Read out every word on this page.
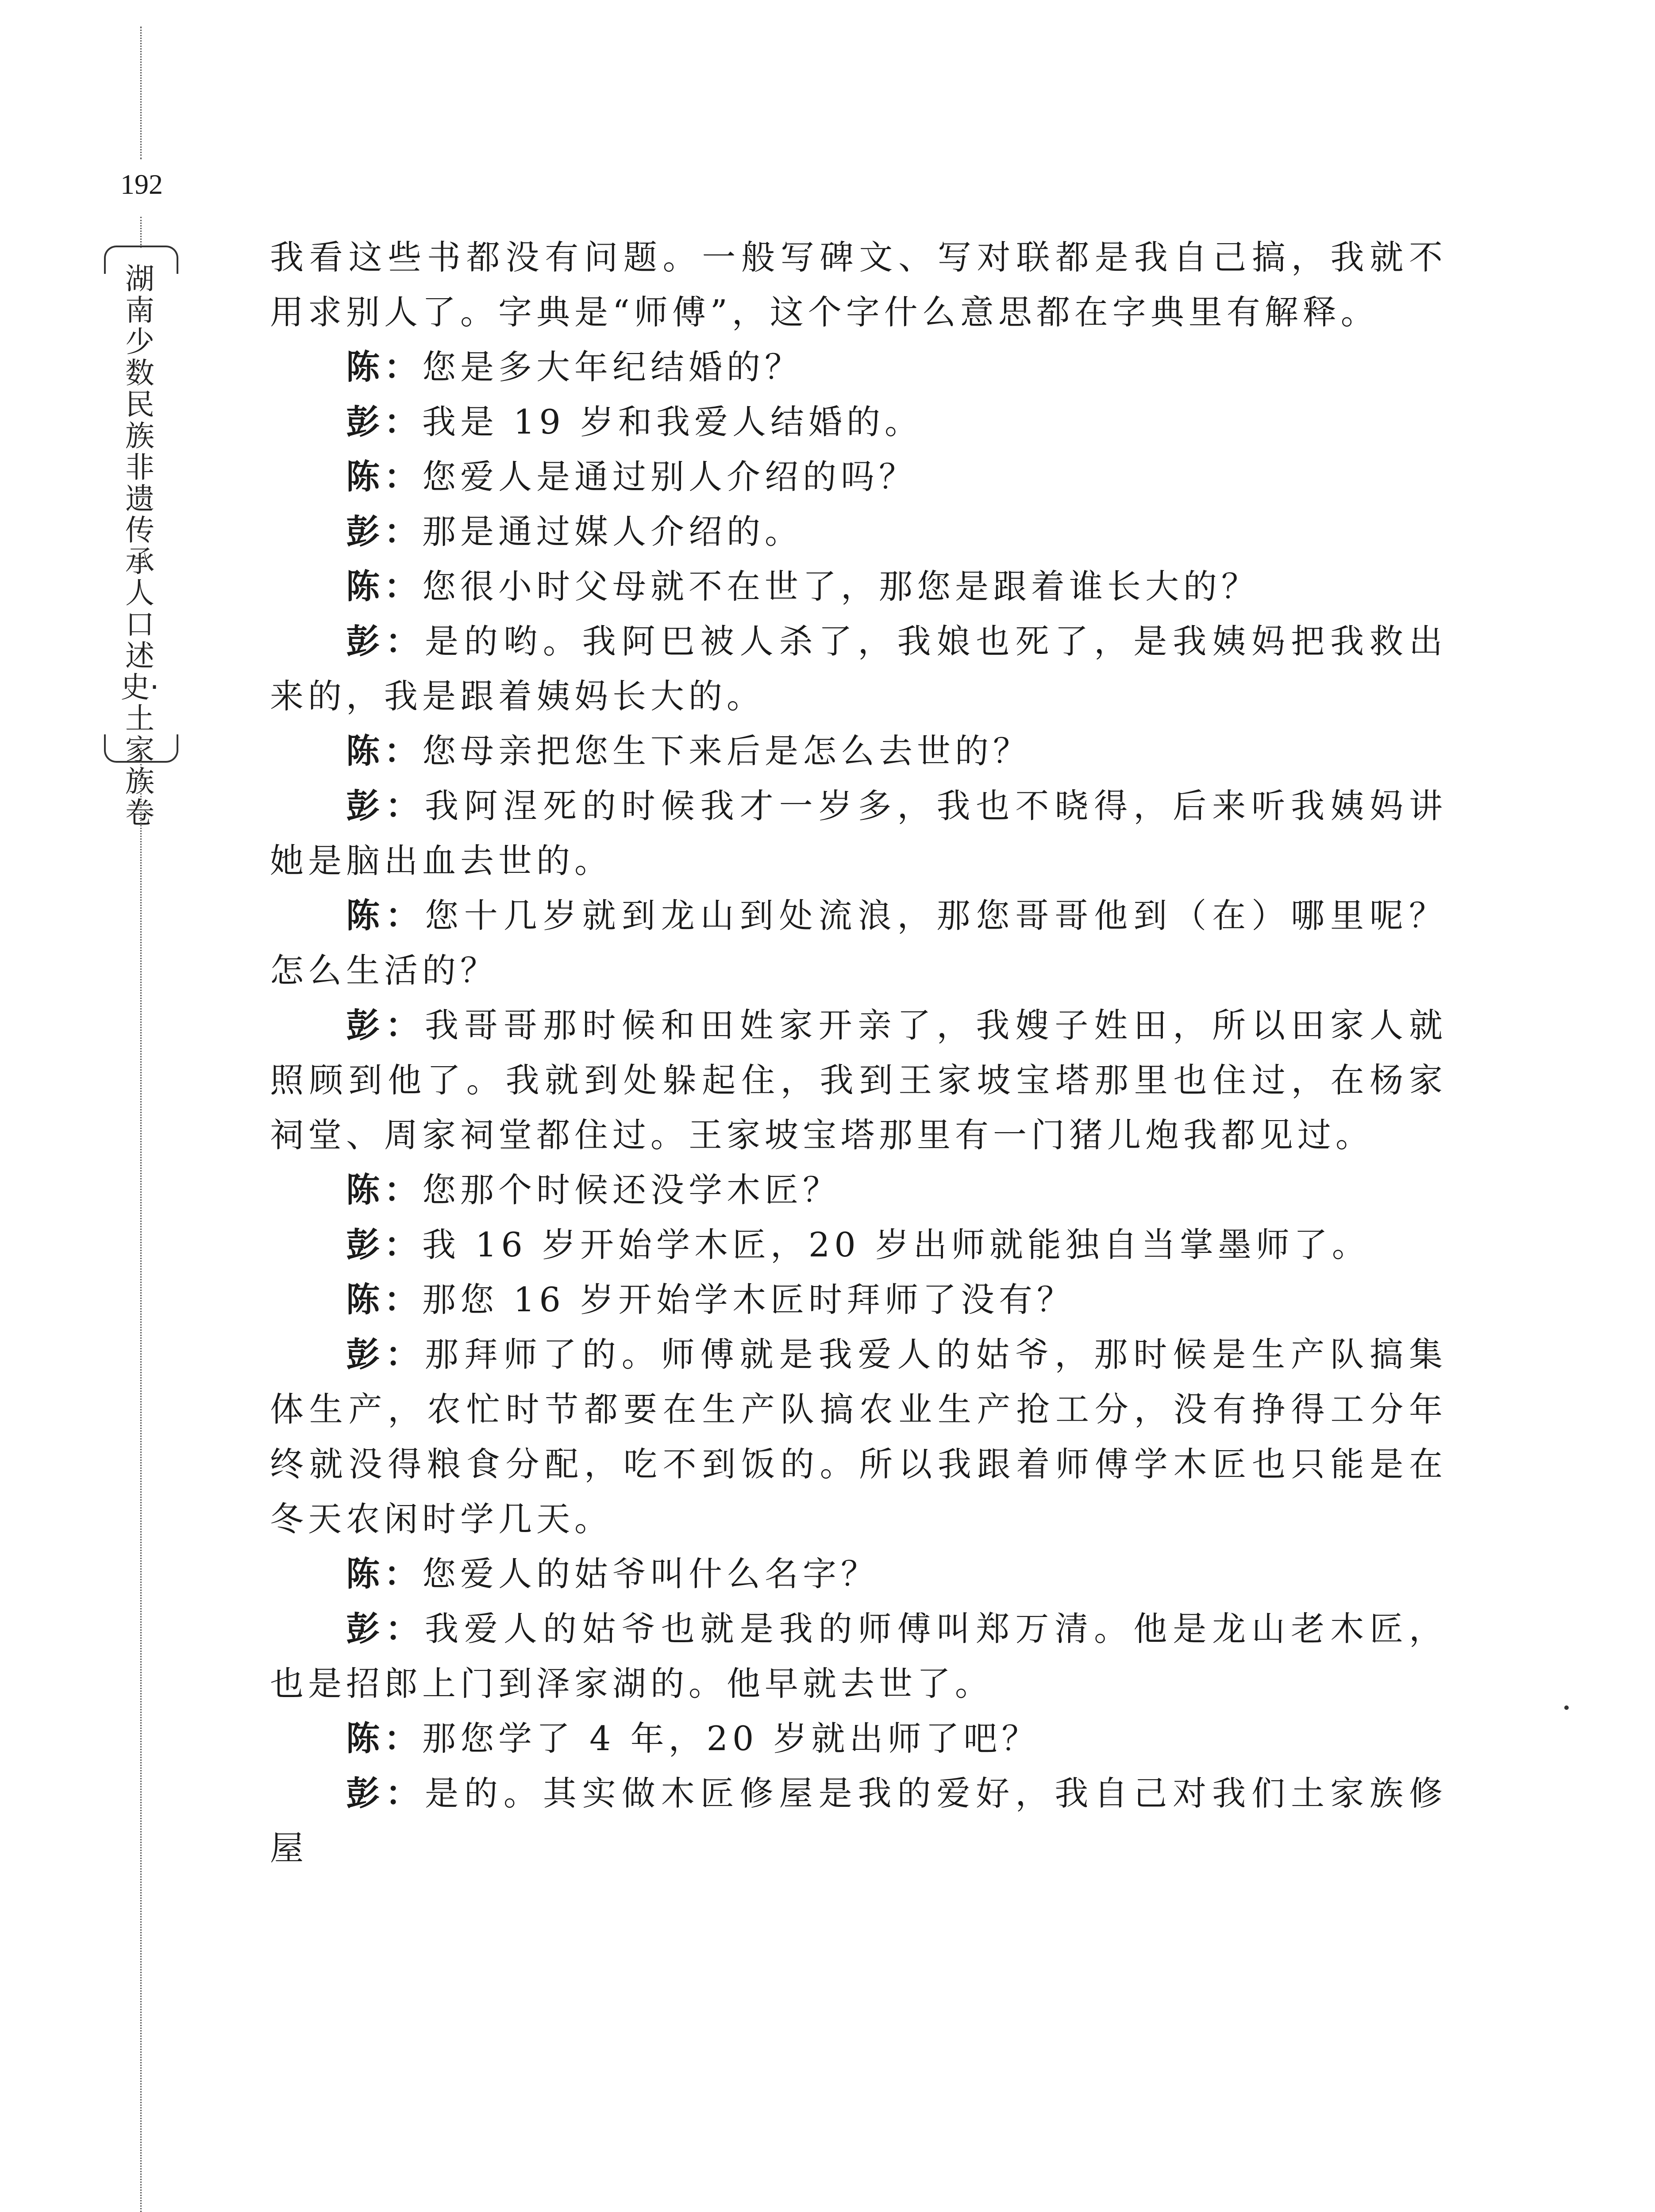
192
湖南少数民族非遗传承人口述史·土家族卷

我看这些书都没有问题。一般写碑文、写对联都是我自己搞，我就不用求别人了。字典是“师傅”，这个字什么意思都在字典里有解释。

陈：您是多大年纪结婚的？

彭：我是 19 岁和我爱人结婚的。

陈：您爱人是通过别人介绍的吗？

彭：那是通过媒人介绍的。

陈：您很小时父母就不在世了，那您是跟着谁长大的？

彭：是的哟。我阿巴被人杀了，我娘也死了，是我姨妈把我救出来的，我是跟着姨妈长大的。

陈：您母亲把您生下来后是怎么去世的？

彭：我阿涅死的时候我才一岁多，我也不晓得，后来听我姨妈讲她是脑出血去世的。

陈：您十几岁就到龙山到处流浪，那您哥哥他到（在）哪里呢？怎么生活的？

彭：我哥哥那时候和田姓家开亲了，我嫂子姓田，所以田家人就照顾到他了。我就到处躲起住，我到王家坡宝塔那里也住过，在杨家祠堂、周家祠堂都住过。王家坡宝塔那里有一门猪儿炮我都见过。

陈：您那个时候还没学木匠？

彭：我 16 岁开始学木匠，20 岁出师就能独自当掌墨师了。

陈：那您 16 岁开始学木匠时拜师了没有？

彭：那拜师了的。师傅就是我爱人的姑爷，那时候是生产队搞集体生产，农忙时节都要在生产队搞农业生产抢工分，没有挣得工分年终就没得粮食分配，吃不到饭的。所以我跟着师傅学木匠也只能是在冬天农闲时学几天。

陈：您爱人的姑爷叫什么名字？

彭：我爱人的姑爷也就是我的师傅叫郑万清。他是龙山老木匠，也是招郎上门到泽家湖的。他早就去世了。

陈：那您学了 4 年，20 岁就出师了吧？

彭：是的。其实做木匠修屋是我的爱好，我自己对我们土家族修屋
